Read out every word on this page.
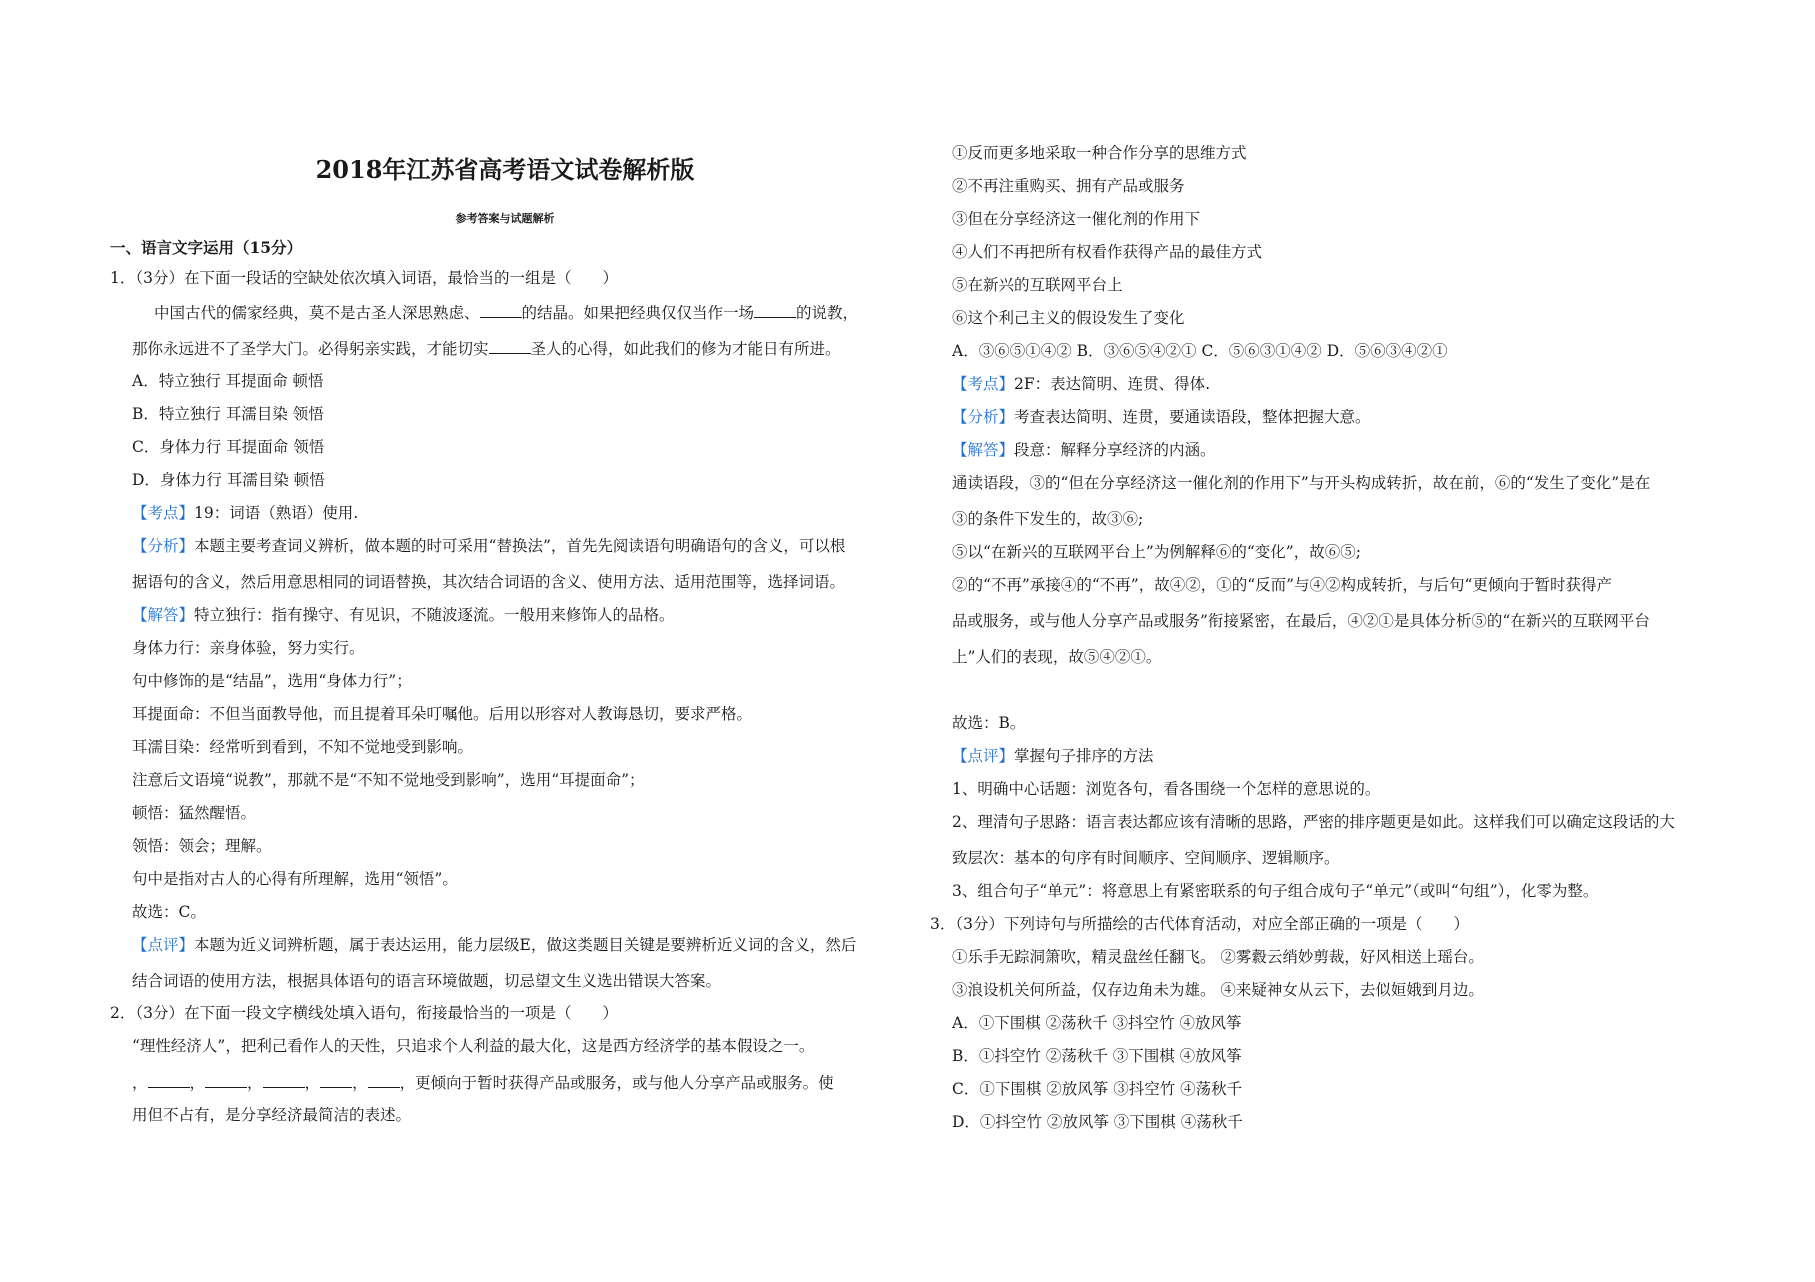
2018年江苏省高考语文试卷解析版
参考答案与试题解析
一、语言文字运用（15分）
1．（3分）在下面一段话的空缺处依次填入词语，最恰当的一组是（　　）
中国古代的儒家经典，莫不是古圣人深思熟虑、	的结晶。如果把经典仅仅当作一场	的说教，
那你永远进不了圣学大门。必得躬亲实践，才能切实	圣人的心得，如此我们的修为才能日有所进。
A．特立独行 耳提面命 顿悟
B．特立独行 耳濡目染 领悟
C．身体力行 耳提面命 领悟
D．身体力行 耳濡目染 顿悟
【考点】19：词语（熟语）使用.
【分析】本题主要考查词义辨析，做本题的时可采用“替换法”，首先先阅读语句明确语句的含义，可以根
据语句的含义，然后用意思相同的词语替换，其次结合词语的含义、使用方法、适用范围等，选择词语。
【解答】特立独行：指有操守、有见识，不随波逐流。一般用来修饰人的品格。
身体力行：亲身体验，努力实行。
句中修饰的是“结晶”，选用“身体力行”；
耳提面命：不但当面教导他，而且提着耳朵叮嘱他。后用以形容对人教诲恳切，要求严格。
耳濡目染：经常听到看到，不知不觉地受到影响。
注意后文语境“说教”，那就不是“不知不觉地受到影响”，选用“耳提面命”；
顿悟：猛然醒悟。
领悟：领会；理解。
句中是指对古人的心得有所理解，选用“领悟”。
故选：C。
【点评】本题为近义词辨析题，属于表达运用，能力层级E，做这类题目关键是要辨析近义词的含义，然后
结合词语的使用方法，根据具体语句的语言环境做题，切忌望文生义选出错误大答案。
2．（3分）在下面一段文字横线处填入语句，衔接最恰当的一项是（　　）
“理性经济人”，把利己看作人的天性，只追求个人利益的最大化，这是西方经济学的基本假设之一。
，	，	，	， ， ，更倾向于暂时获得产品或服务，或与他人分享产品或服务。使
用但不占有，是分享经济最简洁的表述。
①反而更多地采取一种合作分享的思维方式
②不再注重购买、拥有产品或服务
③但在分享经济这一催化剂的作用下
④人们不再把所有权看作获得产品的最佳方式
⑤在新兴的互联网平台上
⑥这个利己主义的假设发生了变化
A．③⑥⑤①④② B．③⑥⑤④②① C．⑤⑥③①④② D．⑤⑥③④②①
【考点】2F：表达简明、连贯、得体.
【分析】考查表达简明、连贯，要通读语段，整体把握大意。
【解答】段意：解释分享经济的内涵。
通读语段，③的“但在分享经济这一催化剂的作用下”与开头构成转折，故在前，⑥的“发生了变化”是在
③的条件下发生的，故③⑥;
⑤以“在新兴的互联网平台上”为例解释⑥的“变化”，故⑥⑤;
②的“不再”承接④的“不再”，故④②，①的“反而”与④②构成转折，与后句“更倾向于暂时获得产
品或服务，或与他人分享产品或服务”衔接紧密，在最后，④②①是具体分析⑤的“在新兴的互联网平台
上”人们的表现，故⑤④②①。
故选：B。
【点评】掌握句子排序的方法
1、明确中心话题：浏览各句，看各围绕一个怎样的意思说的。
2、理清句子思路：语言表达都应该有清晰的思路，严密的排序题更是如此。这样我们可以确定这段话的大
致层次：基本的句序有时间顺序、空间顺序、逻辑顺序。
3、组合句子“单元”：将意思上有紧密联系的句子组合成句子“单元”（或叫“句组”），化零为整。
3．（3分）下列诗句与所描绘的古代体育活动，对应全部正确的一项是（　　）
①乐手无踪洞箫吹，精灵盘丝任翻飞。 ②雾縠云绡妙剪裁，好风相送上瑶台。
③浪设机关何所益，仅存边角未为雄。 ④来疑神女从云下，去似姮娥到月边。
A．①下围棋 ②荡秋千 ③抖空竹 ④放风筝
B．①抖空竹 ②荡秋千 ③下围棋 ④放风筝
C．①下围棋 ②放风筝 ③抖空竹 ④荡秋千
D．①抖空竹 ②放风筝 ③下围棋 ④荡秋千
